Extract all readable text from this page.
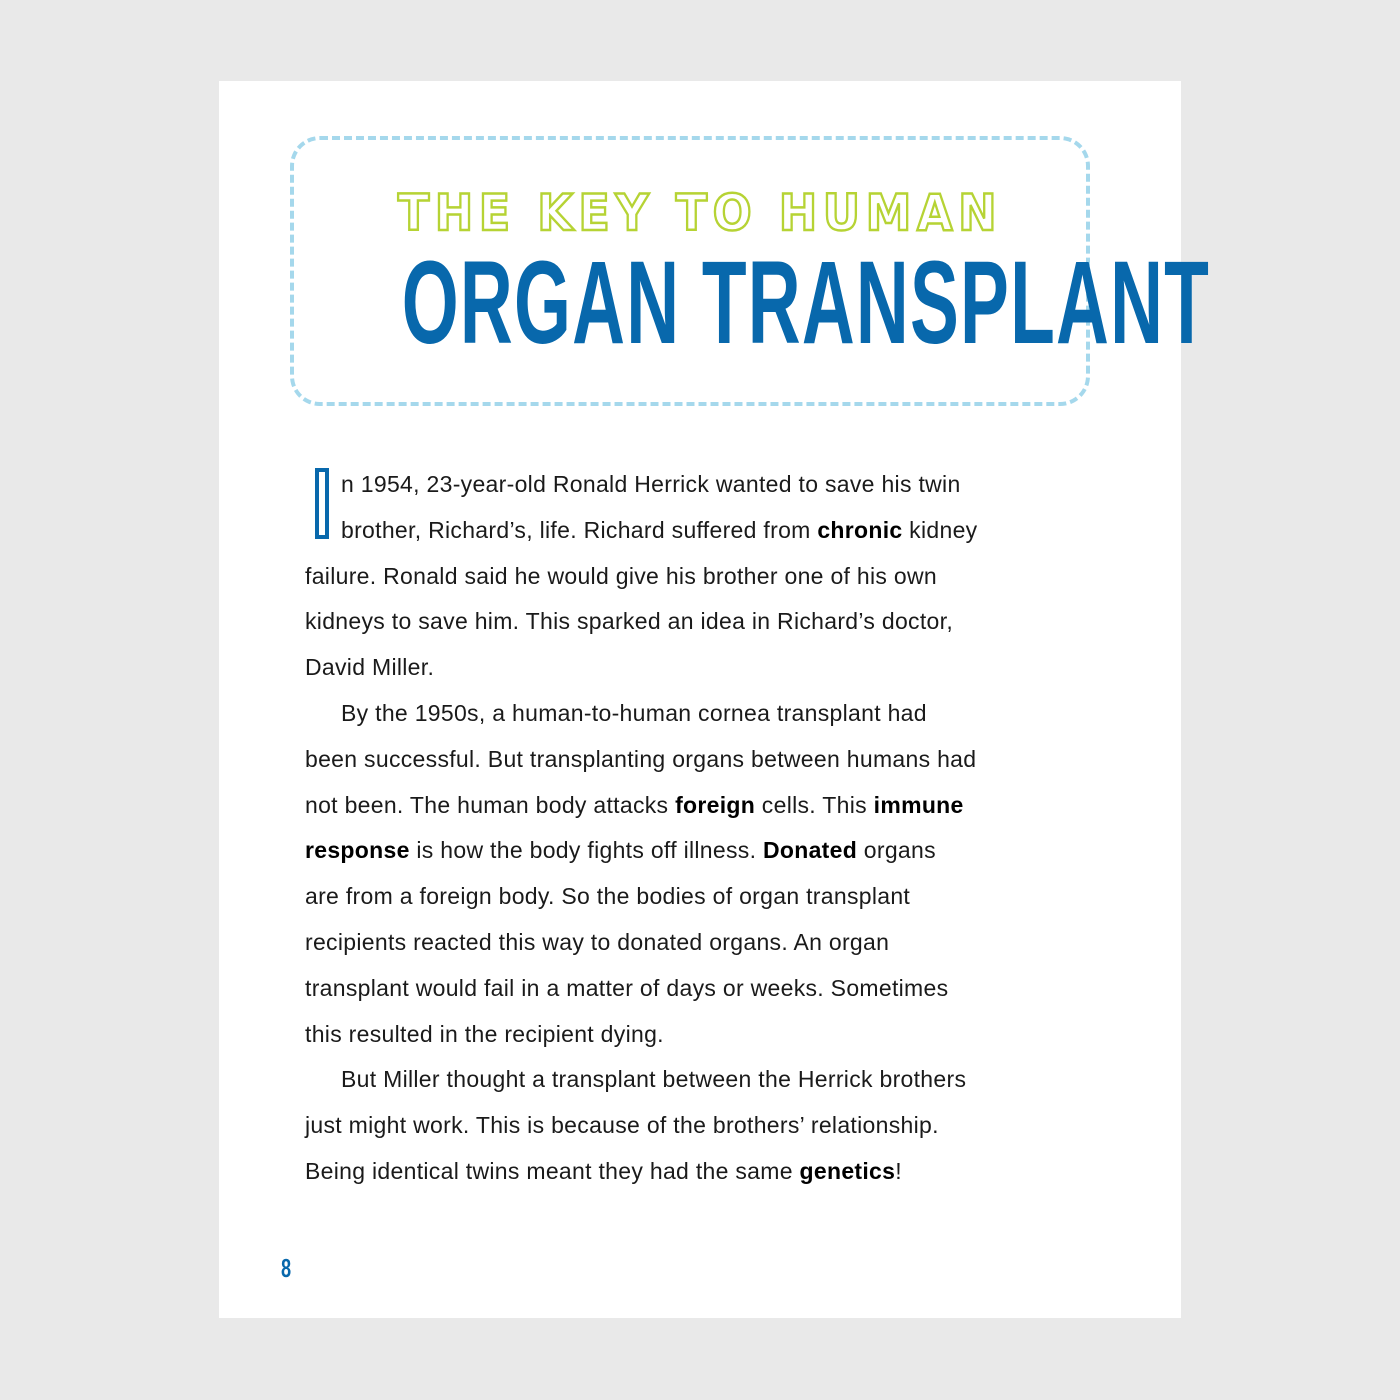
THE KEY TO HUMAN
ORGAN TRANSPLANT
n 1954, 23-year-old Ronald Herrick wanted to save his twin
brother, Richard’s, life. Richard suffered from chronic kidney
failure. Ronald said he would give his brother one of his own
kidneys to save him. This sparked an idea in Richard’s doctor,
David Miller.
By the 1950s, a human-to-human cornea transplant had
been successful. But transplanting organs between humans had
not been. The human body attacks foreign cells. This immune
response is how the body fights off illness. Donated organs
are from a foreign body. So the bodies of organ transplant
recipients reacted this way to donated organs. An organ
transplant would fail in a matter of days or weeks. Sometimes
this resulted in the recipient dying.
But Miller thought a transplant between the Herrick brothers
just might work. This is because of the brothers’ relationship.
Being identical twins meant they had the same genetics!
8
